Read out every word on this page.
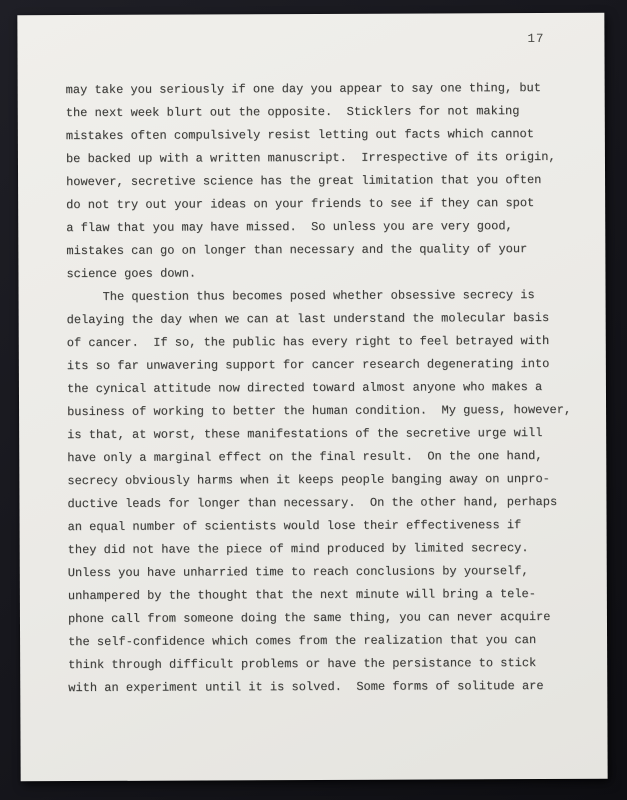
17
may take you seriously if one day you appear to say one thing, but
the next week blurt out the opposite.  Sticklers for not making
mistakes often compulsively resist letting out facts which cannot
be backed up with a written manuscript.  Irrespective of its origin,
however, secretive science has the great limitation that you often
do not try out your ideas on your friends to see if they can spot
a flaw that you may have missed.  So unless you are very good,
mistakes can go on longer than necessary and the quality of your
science goes down.
The question thus becomes posed whether obsessive secrecy is
delaying the day when we can at last understand the molecular basis
of cancer.  If so, the public has every right to feel betrayed with
its so far unwavering support for cancer research degenerating into
the cynical attitude now directed toward almost anyone who makes a
business of working to better the human condition.  My guess, however,
is that, at worst, these manifestations of the secretive urge will
have only a marginal effect on the final result.  On the one hand,
secrecy obviously harms when it keeps people banging away on unpro-
ductive leads for longer than necessary.  On the other hand, perhaps
an equal number of scientists would lose their effectiveness if
they did not have the piece of mind produced by limited secrecy.
Unless you have unharried time to reach conclusions by yourself,
unhampered by the thought that the next minute will bring a tele-
phone call from someone doing the same thing, you can never acquire
the self-confidence which comes from the realization that you can
think through difficult problems or have the persistance to stick
with an experiment until it is solved.  Some forms of solitude are
